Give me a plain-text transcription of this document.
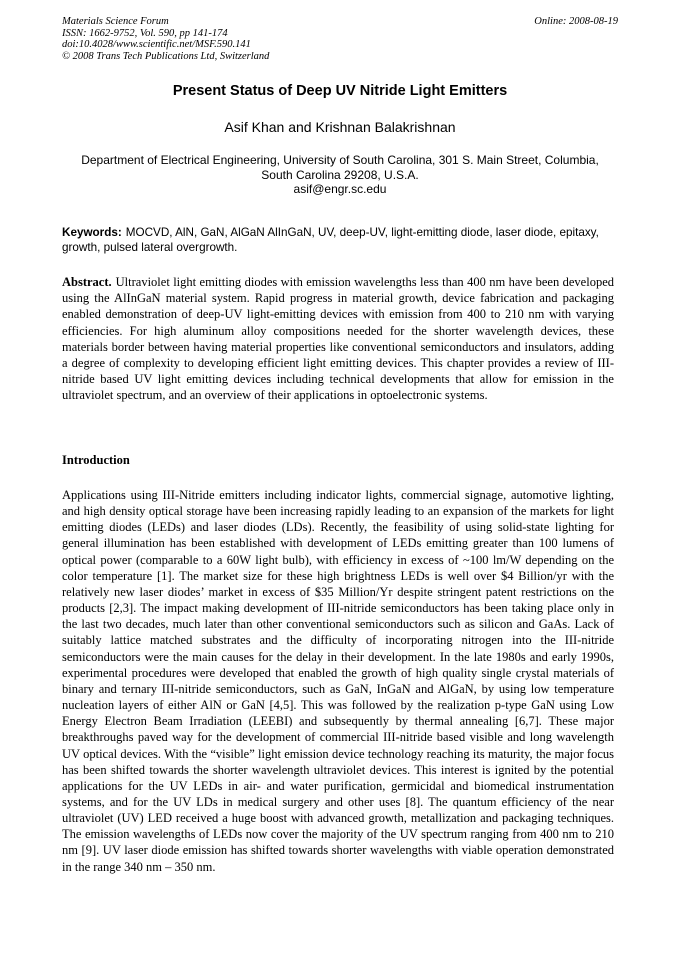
Materials Science Forum
ISSN: 1662-9752, Vol. 590, pp 141-174
doi:10.4028/www.scientific.net/MSF.590.141
© 2008 Trans Tech Publications Ltd, Switzerland
Online: 2008-08-19
Present Status of Deep UV Nitride Light Emitters
Asif Khan and Krishnan Balakrishnan
Department of Electrical Engineering, University of South Carolina, 301 S. Main Street, Columbia,
South Carolina 29208, U.S.A.
asif@engr.sc.edu
Keywords: MOCVD, AlN, GaN, AlGaN AlInGaN, UV, deep-UV, light-emitting diode, laser diode, epitaxy, growth, pulsed lateral overgrowth.
Abstract. Ultraviolet light emitting diodes with emission wavelengths less than 400 nm have been developed using the AlInGaN material system. Rapid progress in material growth, device fabrication and packaging enabled demonstration of deep-UV light-emitting devices with emission from 400 to 210 nm with varying efficiencies. For high aluminum alloy compositions needed for the shorter wavelength devices, these materials border between having material properties like conventional semiconductors and insulators, adding a degree of complexity to developing efficient light emitting devices. This chapter provides a review of III-nitride based UV light emitting devices including technical developments that allow for emission in the ultraviolet spectrum, and an overview of their applications in optoelectronic systems.
Introduction
Applications using III-Nitride emitters including indicator lights, commercial signage, automotive lighting, and high density optical storage have been increasing rapidly leading to an expansion of the markets for light emitting diodes (LEDs) and laser diodes (LDs). Recently, the feasibility of using solid-state lighting for general illumination has been established with development of LEDs emitting greater than 100 lumens of optical power (comparable to a 60W light bulb), with efficiency in excess of ~100 lm/W depending on the color temperature [1]. The market size for these high brightness LEDs is well over $4 Billion/yr with the relatively new laser diodes’ market in excess of $35 Million/Yr despite stringent patent restrictions on the products [2,3]. The impact making development of III-nitride semiconductors has been taking place only in the last two decades, much later than other conventional semiconductors such as silicon and GaAs. Lack of suitably lattice matched substrates and the difficulty of incorporating nitrogen into the III-nitride semiconductors were the main causes for the delay in their development. In the late 1980s and early 1990s, experimental procedures were developed that enabled the growth of high quality single crystal materials of binary and ternary III-nitride semiconductors, such as GaN, InGaN and AlGaN, by using low temperature nucleation layers of either AlN or GaN [4,5]. This was followed by the realization p-type GaN using Low Energy Electron Beam Irradiation (LEEBI) and subsequently by thermal annealing [6,7]. These major breakthroughs paved way for the development of commercial III-nitride based visible and long wavelength UV optical devices. With the “visible” light emission device technology reaching its maturity, the major focus has been shifted towards the shorter wavelength ultraviolet devices. This interest is ignited by the potential applications for the UV LEDs in air- and water purification, germicidal and biomedical instrumentation systems, and for the UV LDs in medical surgery and other uses [8]. The quantum efficiency of the near ultraviolet (UV) LED received a huge boost with advanced growth, metallization and packaging techniques. The emission wavelengths of LEDs now cover the majority of the UV spectrum ranging from 400 nm to 210 nm [9]. UV laser diode emission has shifted towards shorter wavelengths with viable operation demonstrated in the range 340 nm – 350 nm.
